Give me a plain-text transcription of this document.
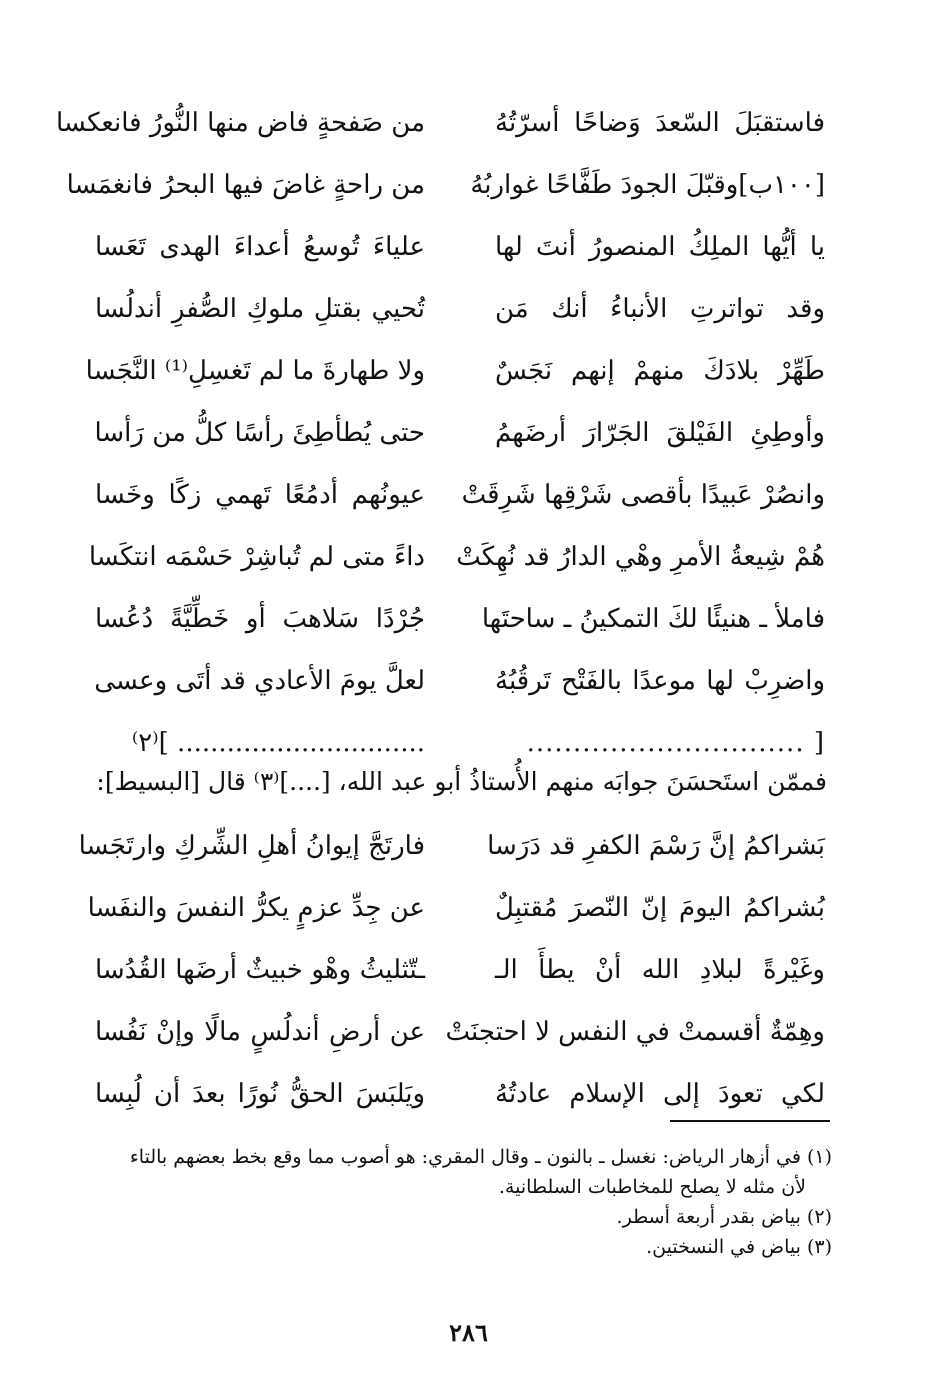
فاستقبَلَ السّعدَ وَضاحًا أسرّتُهُ
من صَفحةٍ فاض منها النُّورُ فانعكسا
[١٠٠ب]وقبّلَ الجودَ طَفَّاحًا غواربُهُ
من راحةٍ غاضَ فيها البحرُ فانغمَسا
يا أيُّها الملِكُ المنصورُ أنتَ لها
علياءَ تُوسعُ أعداءَ الهدى تَعَسا
وقد تواترتِ الأنباءُ أنك مَن
تُحيي بقتلِ ملوكِ الصُّفرِ أندلُسا
طَهِّرْ بلادَكَ منهمْ إنهم نَجَسٌ
ولا طهارةَ ما لم تَغسِلِ⁽¹⁾ النَّجَسا
وأوطِئِ الفَيْلقَ الجَرّارَ أرضَهمُ
حتى يُطأطِئَ رأسًا كلُّ من رَأسا
وانصُرْ عَبيدًا بأقصى شَرْقِها شَرِقَتْ
عيونُهم أدمُعًا تَهمي زكًا وخَسا
هُمْ شِيعةُ الأمرِ وهْي الدارُ قد نُهِكَتْ
داءً متى لم تُباشِرْ حَسْمَه انتكَسا
فاملأ ـ هنيئًا لكَ التمكينُ ـ ساحتَها
جُرْدًا سَلاهبَ أو خَطِّيَّةً دُعُسا
واضرِبْ لها موعدًا بالفَتْح تَرقُبُهُ
لعلَّ يومَ الأعادي قد أتَى وعسى
[ ..............................
.............................. ]⁽٢⁾
فممّن استَحسَنَ جوابَه منهم الأُستاذُ أبو عبد الله، [....]⁽٣⁾ قال [البسيط]:
بَشراكمُ إنَّ رَسْمَ الكفرِ قد دَرَسا
فارتَجَّ إيوانُ أهلِ الشِّركِ وارتَجَسا
بُشراكمُ اليومَ إنّ النّصرَ مُقتبِلٌ
عن جِدِّ عزمٍ يكرُّ النفسَ والنفَسا
وغَيْرةً لبلادِ الله أنْ يطأَ الـ
ـتّثليثُ وهْو خبيثٌ أرضَها القُدُسا
وهِمّةٌ أقسمتْ في النفس لا احتجنَتْ
عن أرضِ أندلُسٍ مالًا وإنْ نَفُسا
لكي تعودَ إلى الإسلام عادتُهُ
ويَلبَسَ الحقُّ نُورًا بعدَ أن لُبِسا
(١) في أزهار الرياض: نغسل ـ بالنون ـ وقال المقري: هو أصوب مما وقع بخط بعضهم بالتاء
لأن مثله لا يصلح للمخاطبات السلطانية.
(٢) بياض بقدر أربعة أسطر.
(٣) بياض في النسختين.
٢٨٦
